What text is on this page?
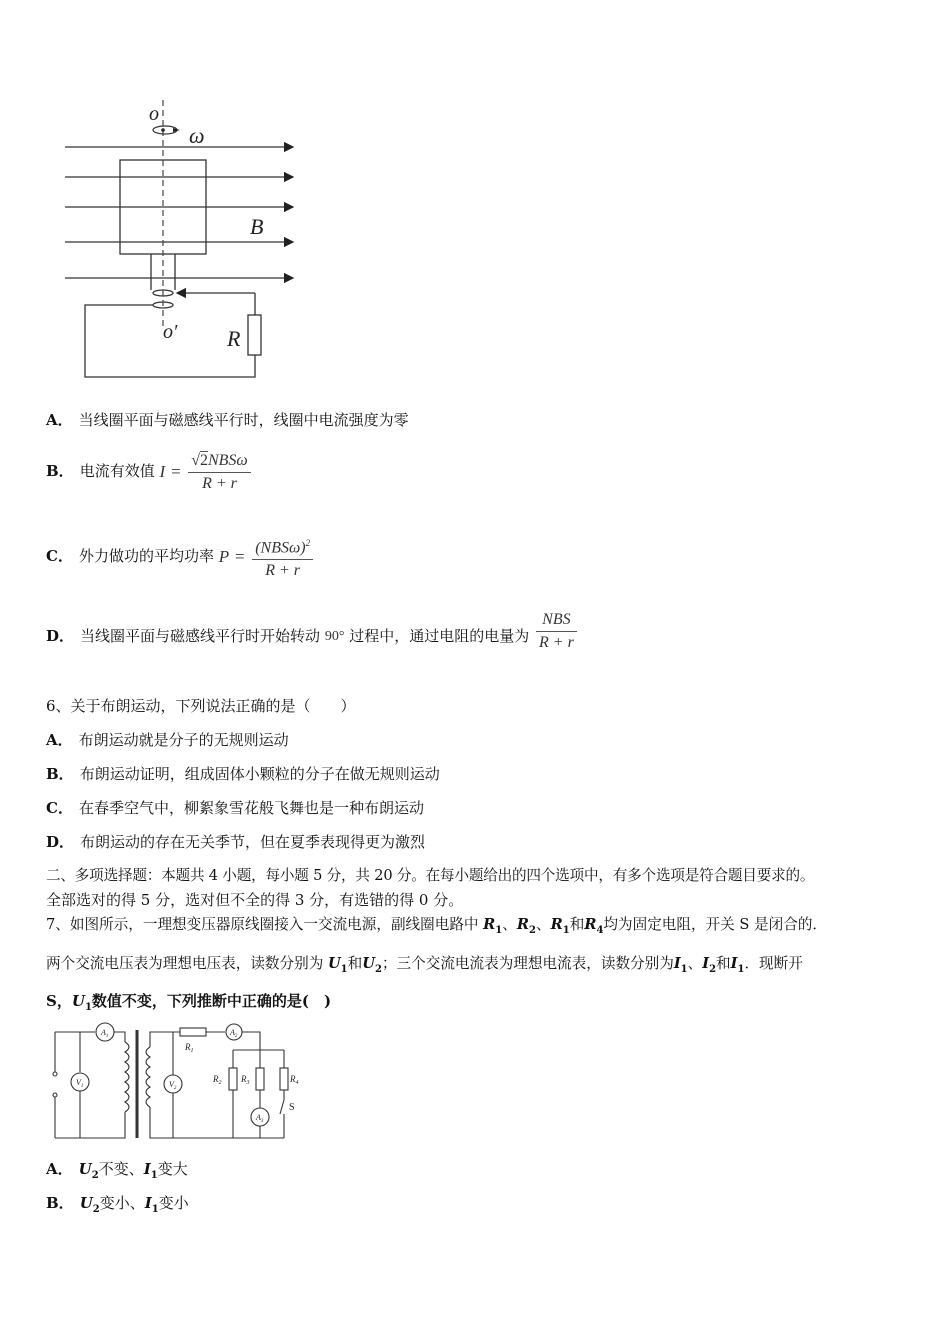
o
ω
B
o′ R
A． 当线圈平面与磁感线平行时，线圈中电流强度为零
B． 电流有效值 $I = \frac{\text{√2NBSω}}{R + r}$
C． 外力做功的平均功率 $P = \frac{(NBS\omega)^2}{R + r}$
D． 当线圈平面与磁感线平行时开始转动 90° 过程中，通过电阻的电量为 $\frac{\text{NBS}}{R + r}$
6、关于布朗运动，下列说法正确的是（　　）
A． 布朗运动就是分子的无规则运动
B． 布朗运动证明，组成固体小颗粒的分子在做无规则运动
C． 在春季空气中，柳絮象雪花般飞舞也是一种布朗运动
D． 布朗运动的存在无关季节，但在夏季表现得更为激烈
二、多项选择题：本题共 4 小题，每小题 5 分，共 20 分。在每小题给出的四个选项中，有多个选项是符合题目要求的。
全部选对的得 5 分，选对但不全的得 3 分，有选错的得 0 分。
7、如图所示，一理想变压器原线圈接入一交流电源，副线圈电路中 $R_1$、$R_2$、$R_1$和$R_4$均为固定电阻，开关 S 是闭合的．
两个交流电压表为理想电压表，读数分别为 $U_1$和$U_2$；三个交流电流表为理想电流表，读数分别为$I_1$、$I_2$和$I_1$．现断开
S，$U_1$数值不变，下列推断中正确的是(　)
$A_1$
$V_1$	$V_2$
$R_1$
$A_2$
$R_2$ $R_3$	$R_4$
$A_3$
S
A． $U_2$不变、$I_1$变大
B． $U_2$变小、$I_1$变小
